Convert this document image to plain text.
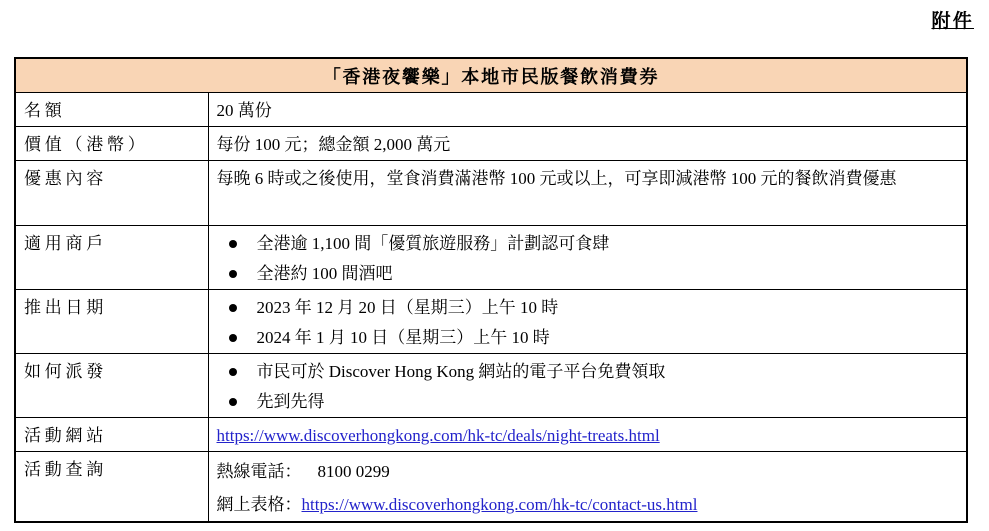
附件
「香港夜饗樂」本地市民版餐飲消費券	
名額	20 萬份
價值（港幣）	每份 100 元；總金額 2,000 萬元
優惠內容	每晚 6 時或之後使用，堂食消費滿港幣 100 元或以上，可享即減港幣 100 元的餐飲消費優惠
適用商戶	全港逾 1,100 間「優質旅遊服務」計劃認可食肆
全港約 100 間酒吧

推出日期	2023 年 12 月 20 日（星期三）上午 10 時
2024 年 1 月 10 日（星期三）上午 10 時

如何派發	市民可於 Discover Hong Kong 網站的電子平台免費領取
先到先得

活動網站	https://www.discoverhongkong.com/hk-tc/deals/night-treats.html
活動查詢	熱線電話： 8100 0299
網上表格：https://www.discoverhongkong.com/hk-tc/contact-us.html
